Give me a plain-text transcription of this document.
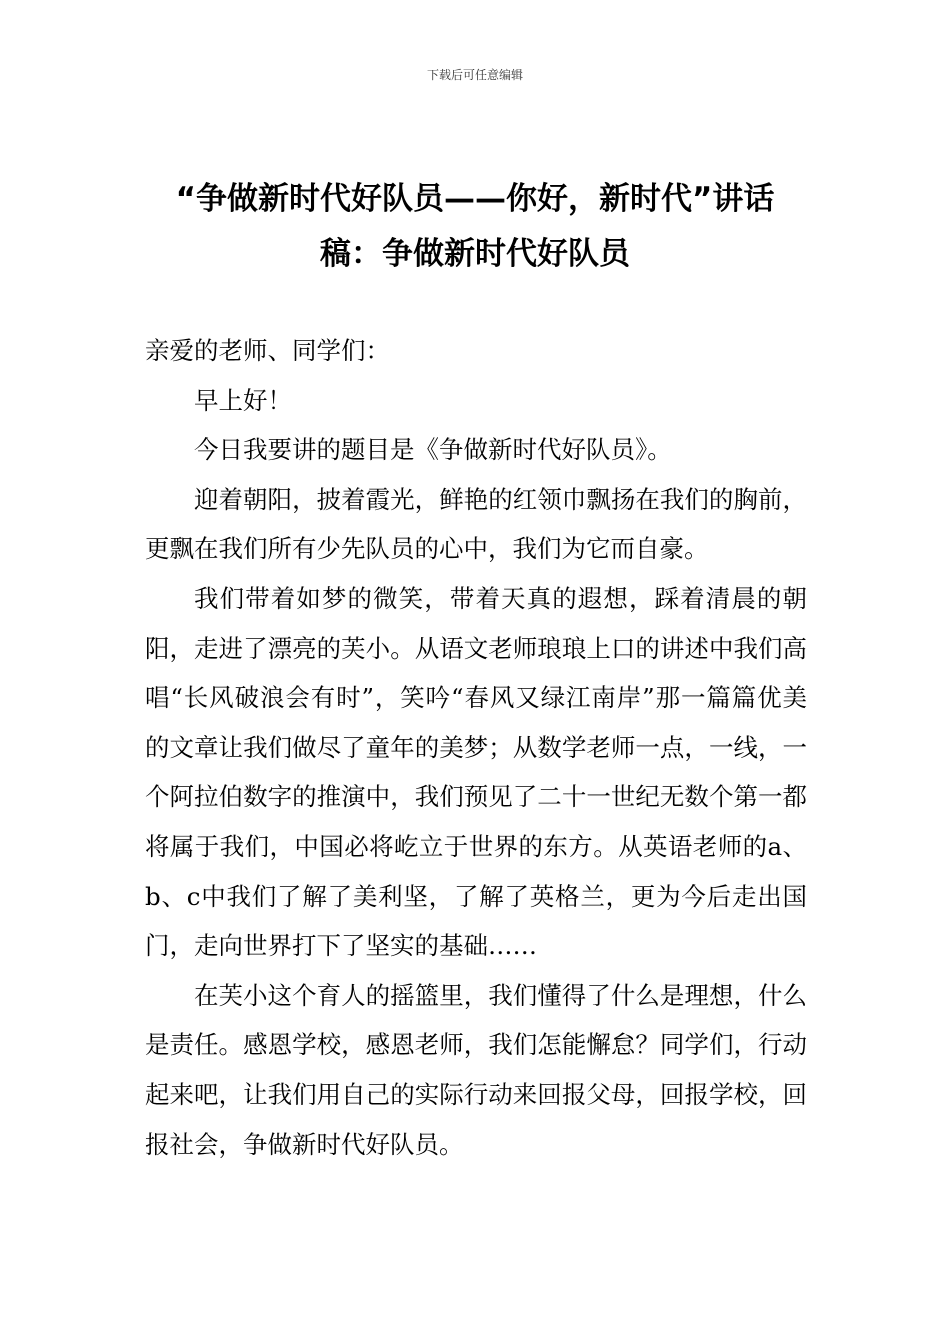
下载后可任意编辑
“争做新时代好队员——你好，新时代”讲话稿：争做新时代好队员

亲爱的老师、同学们：

早上好！

今日我要讲的题目是《争做新时代好队员》。

迎着朝阳，披着霞光，鲜艳的红领巾飘扬在我们的胸前，更飘在我们所有少先队员的心中，我们为它而自豪。

我们带着如梦的微笑，带着天真的遐想，踩着清晨的朝阳，走进了漂亮的芙小。从语文老师琅琅上口的讲述中我们高唱“长风破浪会有时”，笑吟“春风又绿江南岸”那一篇篇优美的文章让我们做尽了童年的美梦；从数学老师一点，一线，一个阿拉伯数字的推演中，我们预见了二十一世纪无数个第一都将属于我们，中国必将屹立于世界的东方。从英语老师的a、b、c中我们了解了美利坚，了解了英格兰，更为今后走出国门，走向世界打下了坚实的基础……

在芙小这个育人的摇篮里，我们懂得了什么是理想，什么是责任。感恩学校，感恩老师，我们怎能懈怠？同学们，行动起来吧，让我们用自己的实际行动来回报父母，回报学校，回报社会，争做新时代好队员。
